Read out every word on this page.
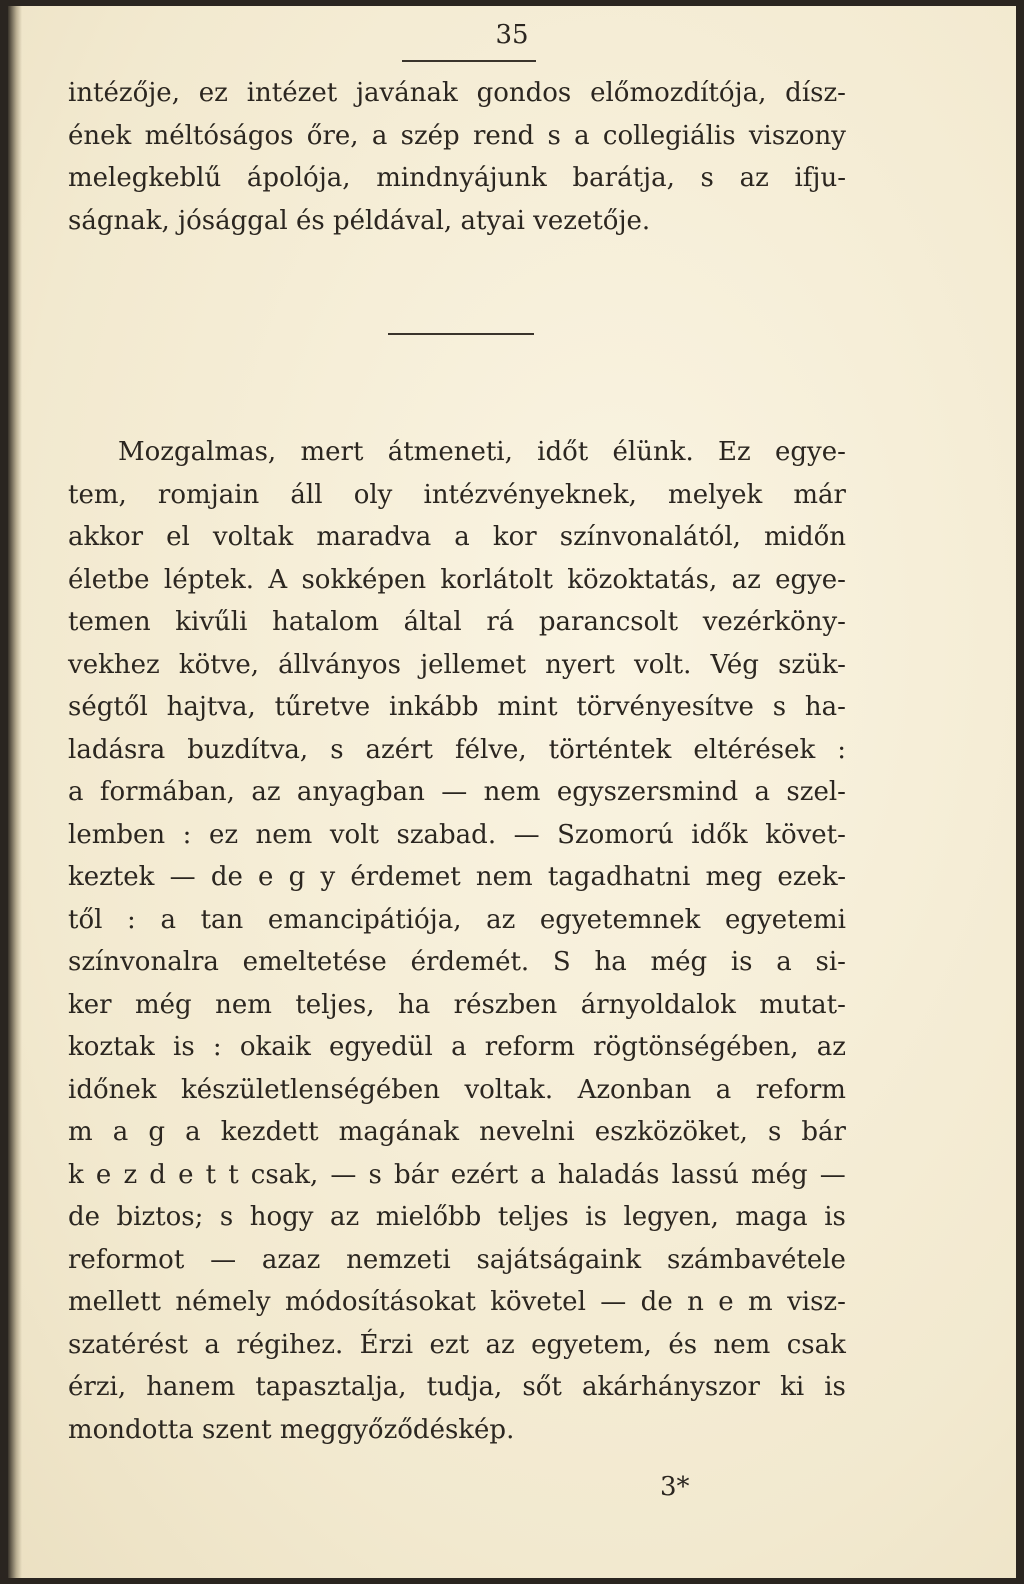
35
intézője, ez intézet javának gondos előmozdítója, dísz-
ének méltóságos őre, a szép rend s a collegiális viszony
melegkeblű ápolója, mindnyájunk barátja, s az ifju-
ságnak, jósággal és példával, atyai vezetője.
Mozgalmas, mert átmeneti, időt élünk. Ez egye-
tem, romjain áll oly intézvényeknek, melyek már
akkor el voltak maradva a kor színvonalától, midőn
életbe léptek. A sokképen korlátolt közoktatás, az egye-
temen kivűli hatalom által rá parancsolt vezérköny-
vekhez kötve, állványos jellemet nyert volt. Vég szük-
ségtől hajtva, tűretve inkább mint törvényesítve s ha-
ladásra buzdítva, s azért félve, történtek eltérések :
a formában, az anyagban — nem egyszersmind a szel-
lemben : ez nem volt szabad. — Szomorú idők követ-
keztek — de e g y érdemet nem tagadhatni meg ezek-
től : a tan emancipátiója, az egyetemnek egyetemi
színvonalra emeltetése érdemét. S ha még is a si-
ker még nem teljes, ha részben árnyoldalok mutat-
koztak is : okaik egyedül a reform rögtönségében, az
időnek készületlenségében voltak. Azonban a reform
m a g a kezdett magának nevelni eszközöket, s bár
k e z d e t t csak, — s bár ezért a haladás lassú még —
de biztos; s hogy az mielőbb teljes is legyen, maga is
reformot — azaz nemzeti sajátságaink számbavétele
mellett némely módosításokat követel — de n e m visz-
szatérést a régihez. Érzi ezt az egyetem, és nem csak
érzi, hanem tapasztalja, tudja, sőt akárhányszor ki is
mondotta szent meggyőződéskép.
3*
